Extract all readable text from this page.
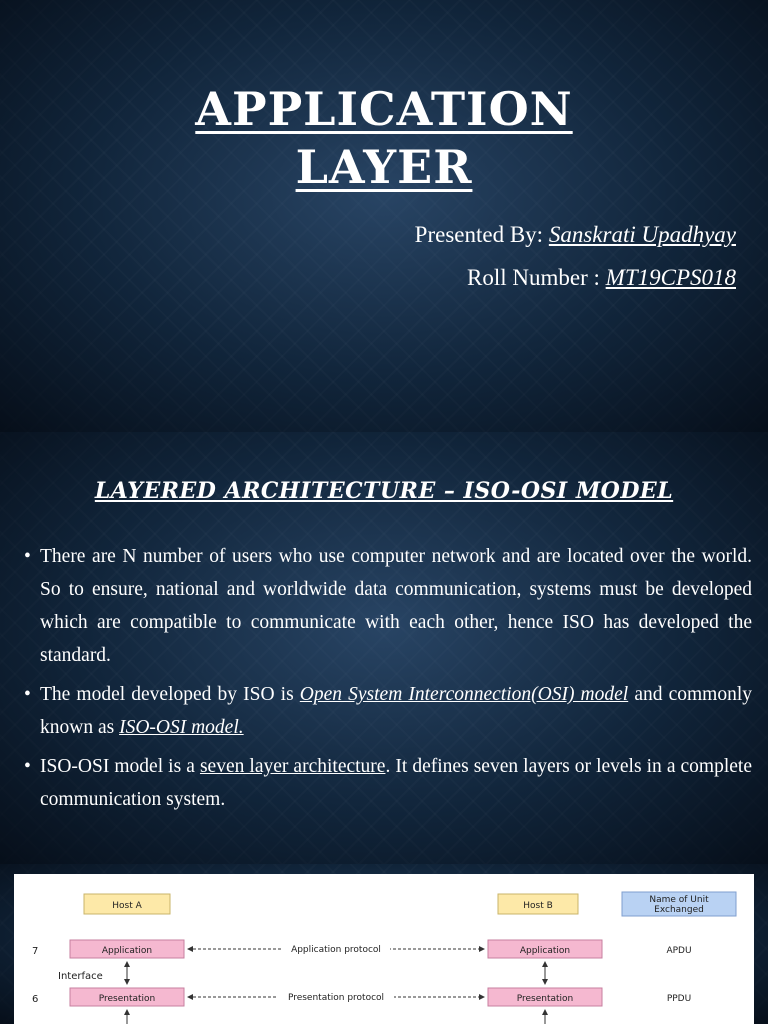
APPLICATION
LAYER
Presented By: Sanskrati Upadhyay
Roll Number : MT19CPS018
LAYERED ARCHITECTURE – ISO-OSI MODEL
• There are N number of users who use computer network and are located over the world. So to ensure, national and worldwide data communication, systems must be developed which are compatible to communicate with each other, hence ISO has developed the standard.
• The model developed by ISO is Open System Interconnection(OSI) model and commonly known as ISO-OSI model.
• ISO-OSI model is a seven layer architecture. It defines seven layers or levels in a complete communication system.
Host A	Host B
Name of Unit
Exchanged
7	Application	Application protocol	Application	APDU
Interface
6	Presentation	Presentation protocol	Presentation	PPDU
